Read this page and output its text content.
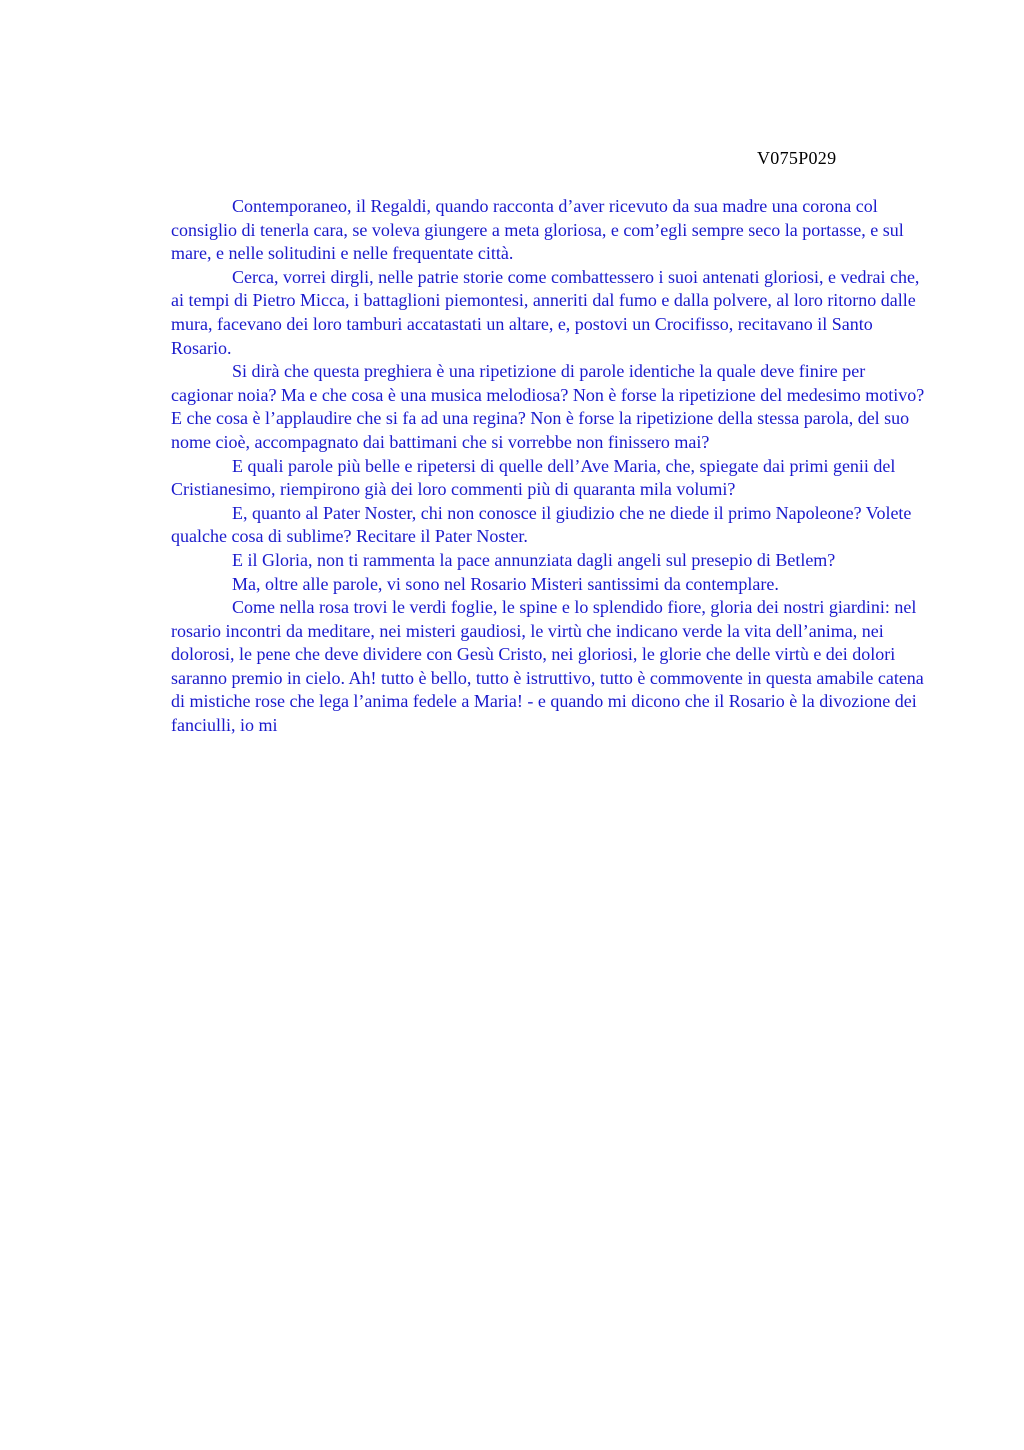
V075P029

Contemporaneo, il Regaldi, quando racconta d’aver ricevuto da sua madre una corona col consiglio di tenerla cara, se voleva giungere a meta gloriosa, e com’egli sempre seco la portasse, e sul mare, e nelle solitudini e nelle frequentate città.

Cerca, vorrei dirgli, nelle patrie storie come combattessero i suoi antenati gloriosi, e vedrai che, ai tempi di Pietro Micca, i battaglioni piemontesi, anneriti dal fumo e dalla polvere, al loro ritorno dalle mura, facevano dei loro tamburi accatastati un altare, e, postovi un Crocifisso, recitavano il Santo Rosario.

Si dirà che questa preghiera è una ripetizione di parole identiche la quale deve finire per cagionar noia? Ma e che cosa è una musica melodiosa? Non è forse la ripetizione del medesimo motivo? E che cosa è l’applaudire che si fa ad una regina? Non è forse la ripetizione della stessa parola, del suo nome cioè, accompagnato dai battimani che si vorrebbe non finissero mai?

E quali parole più belle e ripetersi di quelle dell’Ave Maria, che, spiegate dai primi genii del Cristianesimo, riempirono già dei loro commenti più di quaranta mila volumi?

E, quanto al Pater Noster, chi non conosce il giudizio che ne diede il primo Napoleone? Volete qualche cosa di sublime? Recitare il Pater Noster.

E il Gloria, non ti rammenta la pace annunziata dagli angeli sul presepio di Betlem?

Ma, oltre alle parole, vi sono nel Rosario Misteri santissimi da contemplare.

Come nella rosa trovi le verdi foglie, le spine e lo splendido fiore, gloria dei nostri giardini: nel rosario incontri da meditare, nei misteri gaudiosi, le virtù che indicano verde la vita dell’anima, nei dolorosi, le pene che deve dividere con Gesù Cristo, nei gloriosi, le glorie che delle virtù e dei dolori saranno premio in cielo. Ah! tutto è bello, tutto è istruttivo, tutto è commovente in questa amabile catena di mistiche rose che lega l’anima fedele a Maria! - e quando mi dicono che il Rosario è la divozione dei fanciulli, io mi
